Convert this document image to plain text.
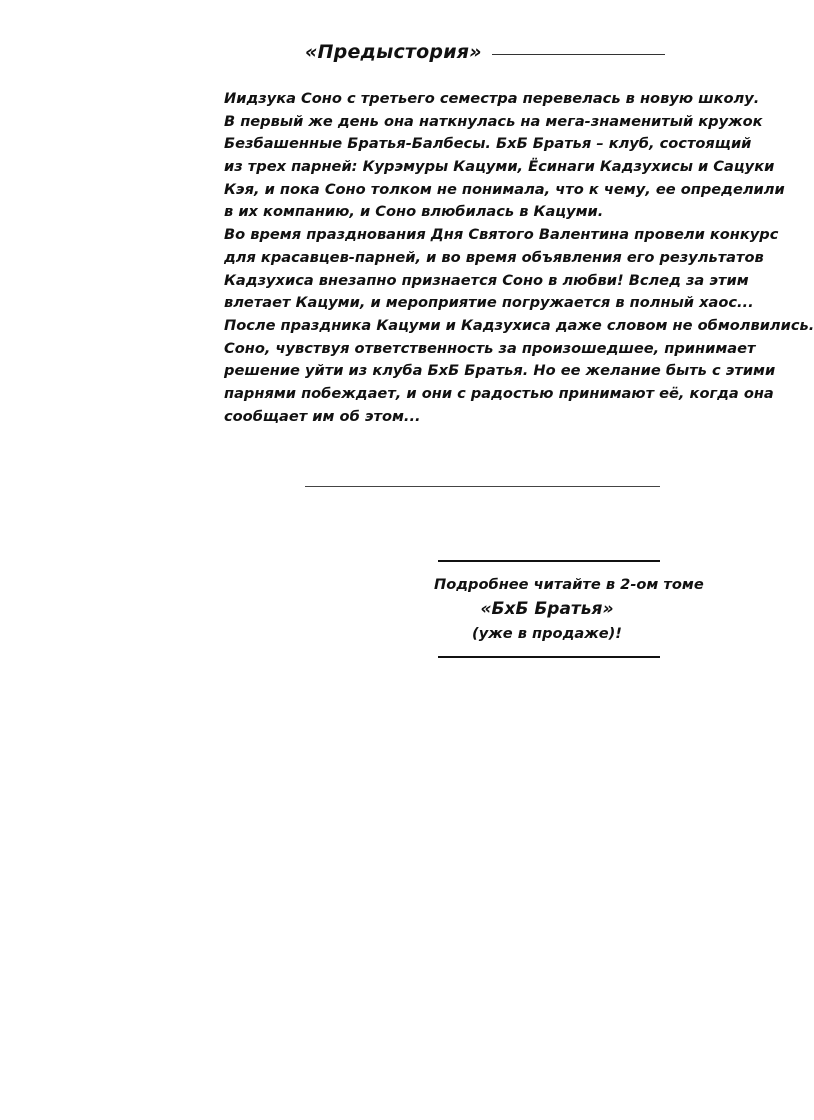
«Предыстория»
Иидзука Соно с третьего семестра перевелась в новую школу.
В первый же день она наткнулась на мега-знаменитый кружок
Безбашенные Братья-Балбесы. БхБ Братья – клуб, состоящий
из трех парней: Курэмуры Кацуми, Ёсинаги Кадзухисы и Сацуки
Кэя, и пока Соно толком не понимала, что к чему, ее определили
в их компанию, и Соно влюбилась в Кацуми.
Во время празднования Дня Святого Валентина провели конкурс
для красавцев-парней, и во время объявления его результатов
Кадзухиса внезапно признается Соно в любви! Вслед за этим
влетает Кацуми, и мероприятие погружается в полный хаос...
После праздника Кацуми и Кадзухиса даже словом не обмолвились.
Соно, чувствуя ответственность за произошедшее, принимает
решение уйти из клуба БхБ Братья. Но ее желание быть с этими
парнями побеждает, и они с радостью принимают её, когда она
сообщает им об этом...
Подробнее читайте в 2-ом томе
«БхБ Братья»
(уже в продаже)!
